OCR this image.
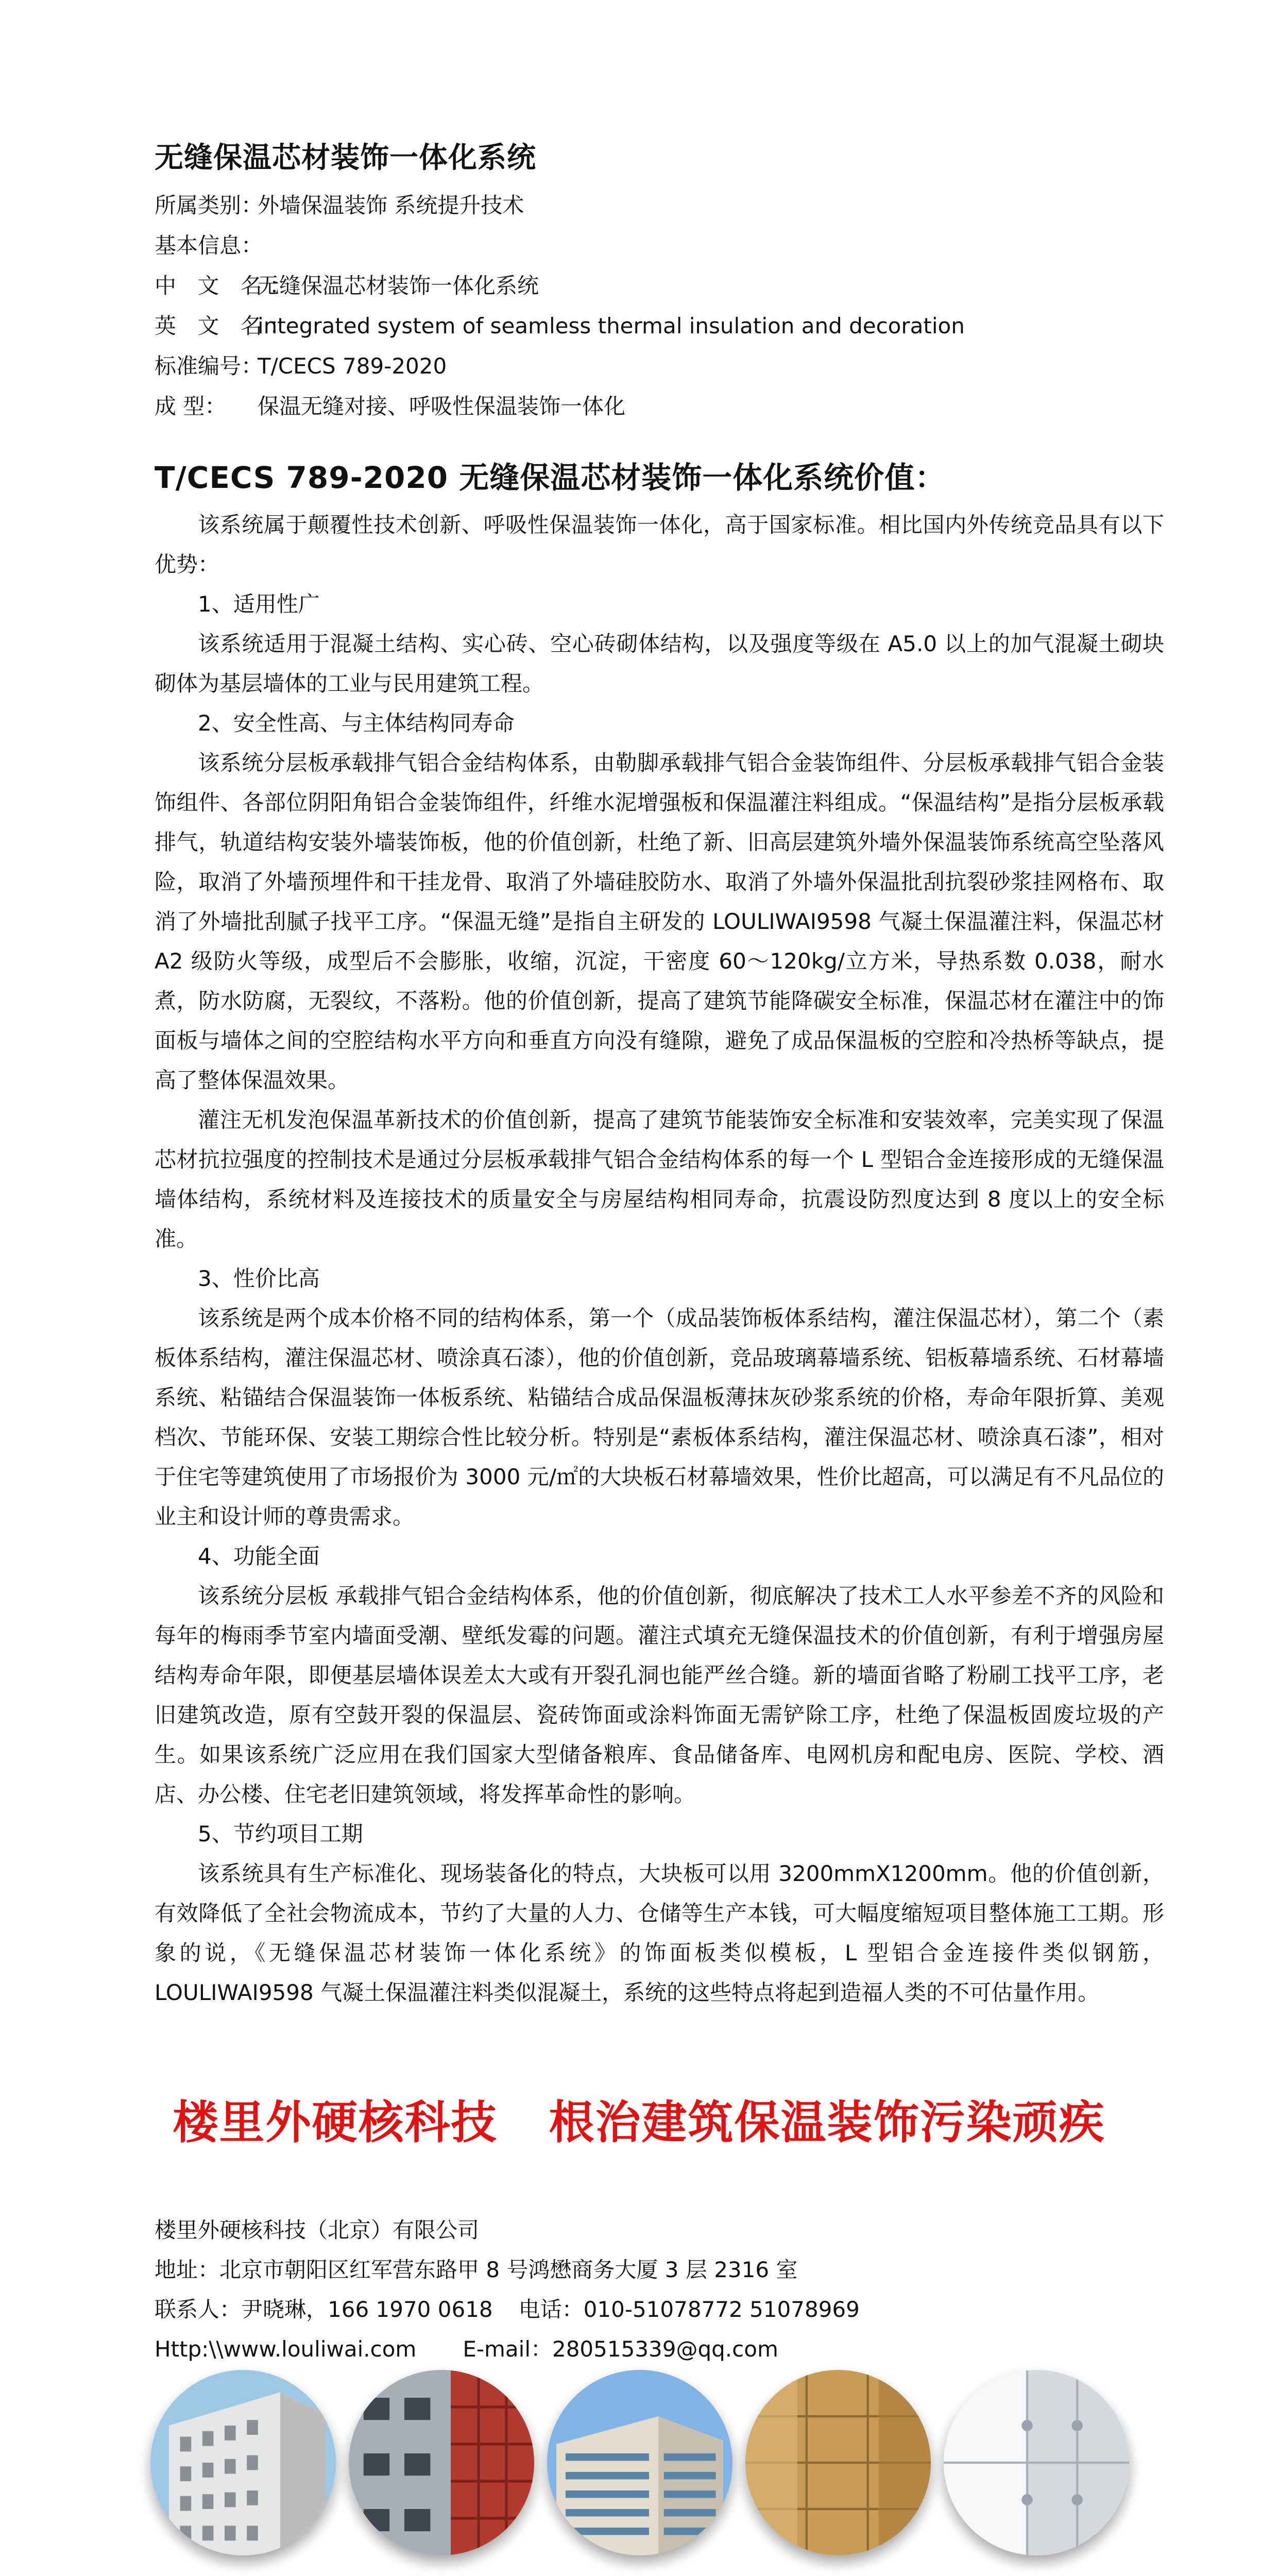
无缝保温芯材装饰一体化系统
所属类别：
外墙保温装饰 系统提升技术
基本信息：
中 文 名：
无缝保温芯材装饰一体化系统
英 文 名：
integrated system of seamless thermal insulation and decoration
标准编号：
T/CECS 789-2020
成 型：	保温无缝对接、呼吸性保温装饰一体化
T/CECS 789-2020 无缝保温芯材装饰一体化系统价值：

该系统属于颠覆性技术创新、呼吸性保温装饰一体化，高于国家标准。相比国内外传统竞品具有以下优势：

1、适用性广

该系统适用于混凝土结构、实心砖、空心砖砌体结构，以及强度等级在 A5.0 以上的加气混凝土砌块砌体为基层墙体的工业与民用建筑工程。

2、安全性高、与主体结构同寿命

该系统分层板承载排气铝合金结构体系，由勒脚承载排气铝合金装饰组件、分层板承载排气铝合金装饰组件、各部位阴阳角铝合金装饰组件，纤维水泥增强板和保温灌注料组成。“保温结构”是指分层板承载排气，轨道结构安装外墙装饰板，他的价值创新，杜绝了新、旧高层建筑外墙外保温装饰系统高空坠落风险，取消了外墙预埋件和干挂龙骨、取消了外墙硅胶防水、取消了外墙外保温批刮抗裂砂浆挂网格布、取消了外墙批刮腻子找平工序。“保温无缝”是指自主研发的 LOULIWAI9598 气凝土保温灌注料，保温芯材 A2 级防火等级，成型后不会膨胀，收缩，沉淀，干密度 60～120kg/立方米，导热系数 0.038，耐水煮，防水防腐，无裂纹，不落粉。他的价值创新，提高了建筑节能降碳安全标准，保温芯材在灌注中的饰面板与墙体之间的空腔结构水平方向和垂直方向没有缝隙，避免了成品保温板的空腔和冷热桥等缺点，提高了整体保温效果。

灌注无机发泡保温革新技术的价值创新，提高了建筑节能装饰安全标准和安装效率，完美实现了保温芯材抗拉强度的控制技术是通过分层板承载排气铝合金结构体系的每一个 L 型铝合金连接形成的无缝保温墙体结构，系统材料及连接技术的质量安全与房屋结构相同寿命，抗震设防烈度达到 8 度以上的安全标准。

3、性价比高

该系统是两个成本价格不同的结构体系，第一个（成品装饰板体系结构，灌注保温芯材），第二个（素板体系结构，灌注保温芯材、喷涂真石漆），他的价值创新，竞品玻璃幕墙系统、铝板幕墙系统、石材幕墙系统、粘锚结合保温装饰一体板系统、粘锚结合成品保温板薄抹灰砂浆系统的价格，寿命年限折算、美观档次、节能环保、安装工期综合性比较分析。特别是“素板体系结构，灌注保温芯材、喷涂真石漆”，相对于住宅等建筑使用了市场报价为 3000 元/㎡的大块板石材幕墙效果，性价比超高，可以满足有不凡品位的业主和设计师的尊贵需求。

4、功能全面

该系统分层板 承载排气铝合金结构体系，他的价值创新，彻底解决了技术工人水平参差不齐的风险和每年的梅雨季节室内墙面受潮、壁纸发霉的问题。灌注式填充无缝保温技术的价值创新，有利于增强房屋结构寿命年限，即便基层墙体误差太大或有开裂孔洞也能严丝合缝。新的墙面省略了粉刷工找平工序，老旧建筑改造，原有空鼓开裂的保温层、瓷砖饰面或涂料饰面无需铲除工序，杜绝了保温板固废垃圾的产生。如果该系统广泛应用在我们国家大型储备粮库、食品储备库、电网机房和配电房、医院、学校、酒店、办公楼、住宅老旧建筑领域，将发挥革命性的影响。

5、节约项目工期

该系统具有生产标准化、现场装备化的特点，大块板可以用 3200mmX1200mm。他的价值创新，有效降低了全社会物流成本，节约了大量的人力、仓储等生产本钱，可大幅度缩短项目整体施工工期。形象的说，《无缝保温芯材装饰一体化系统》的饰面板类似模板，L 型铝合金连接件类似钢筋，LOULIWAI9598 气凝土保温灌注料类似混凝土，系统的这些特点将起到造福人类的不可估量作用。

楼里外硬核科技 根治建筑保温装饰污染顽疾
楼里外硬核科技（北京）有限公司
地址：北京市朝阳区红军营东路甲 8 号鸿懋商务大厦 3 层 2316 室
联系人：尹晓琳，166 1970 0618 电话：010-51078772 51078969
Http:\\www.louliwai.com E-mail：280515339@qq.com
